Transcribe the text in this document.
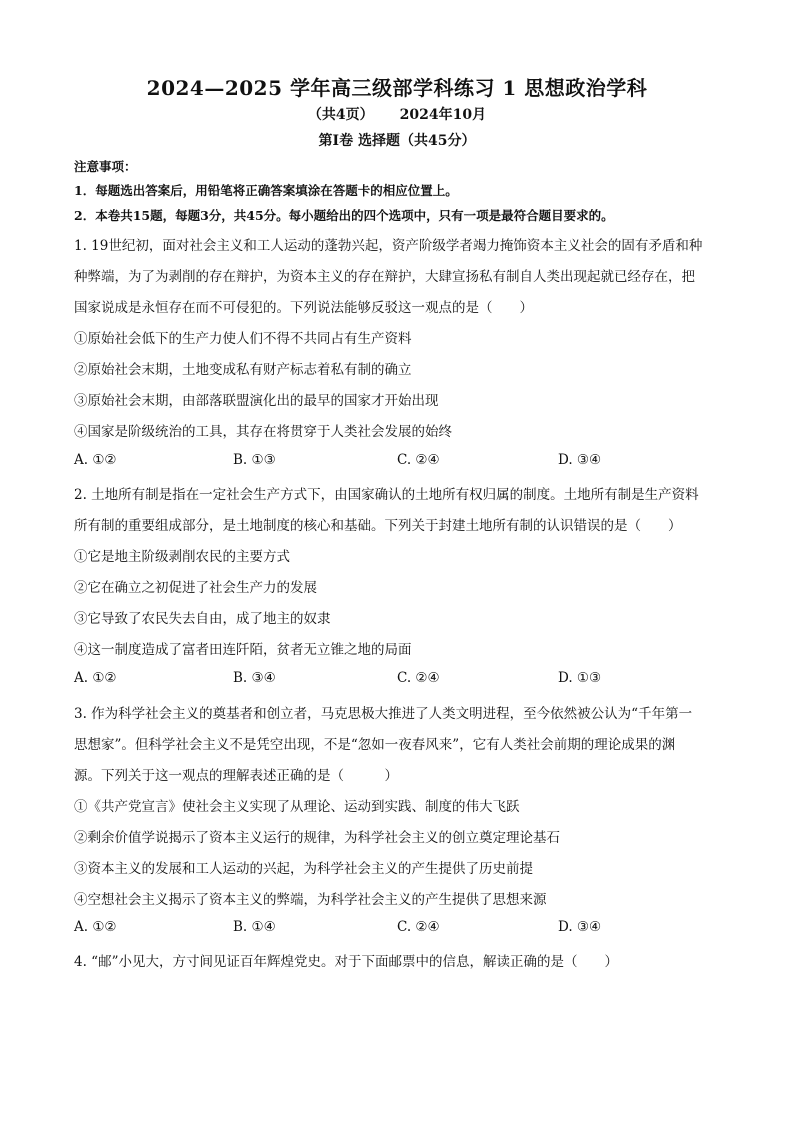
2024—2025 学年高三级部学科练习 1 思想政治学科
（共4页） 2024年10月
第Ⅰ卷 选择题（共45分）
注意事项：
1．每题选出答案后，用铅笔将正确答案填涂在答题卡的相应位置上。
2．本卷共15题，每题3分，共45分。每小题给出的四个选项中，只有一项是最符合题目要求的。
1. 19世纪初，面对社会主义和工人运动的蓬勃兴起，资产阶级学者竭力掩饰资本主义社会的固有矛盾和种
种弊端，为了为剥削的存在辩护，为资本主义的存在辩护，大肆宣扬私有制自人类出现起就已经存在，把
国家说成是永恒存在而不可侵犯的。下列说法能够反驳这一观点的是（　　）
①原始社会低下的生产力使人们不得不共同占有生产资料
②原始社会末期，土地变成私有财产标志着私有制的确立
③原始社会末期，由部落联盟演化出的最早的国家才开始出现
④国家是阶级统治的工具，其存在将贯穿于人类社会发展的始终
A. ①②	B. ①③	C. ②④	D. ③④
2. 土地所有制是指在一定社会生产方式下，由国家确认的土地所有权归属的制度。土地所有制是生产资料
所有制的重要组成部分，是土地制度的核心和基础。下列关于封建土地所有制的认识错误的是（　　）
①它是地主阶级剥削农民的主要方式
②它在确立之初促进了社会生产力的发展
③它导致了农民失去自由，成了地主的奴隶
④这一制度造成了富者田连阡陌，贫者无立锥之地的局面
A. ①②	B. ③④	C. ②④	D. ①③
3. 作为科学社会主义的奠基者和创立者，马克思极大推进了人类文明进程，至今依然被公认为“千年第一
思想家”。但科学社会主义不是凭空出现，不是“忽如一夜春风来”，它有人类社会前期的理论成果的渊
源。下列关于这一观点的理解表述正确的是（　　　）
①《共产党宣言》使社会主义实现了从理论、运动到实践、制度的伟大飞跃
②剩余价值学说揭示了资本主义运行的规律，为科学社会主义的创立奠定理论基石
③资本主义的发展和工人运动的兴起，为科学社会主义的产生提供了历史前提
④空想社会主义揭示了资本主义的弊端，为科学社会主义的产生提供了思想来源
A. ①②	B. ①④	C. ②④	D. ③④
4. “邮”小见大，方寸间见证百年辉煌党史。对于下面邮票中的信息，解读正确的是（　　）
